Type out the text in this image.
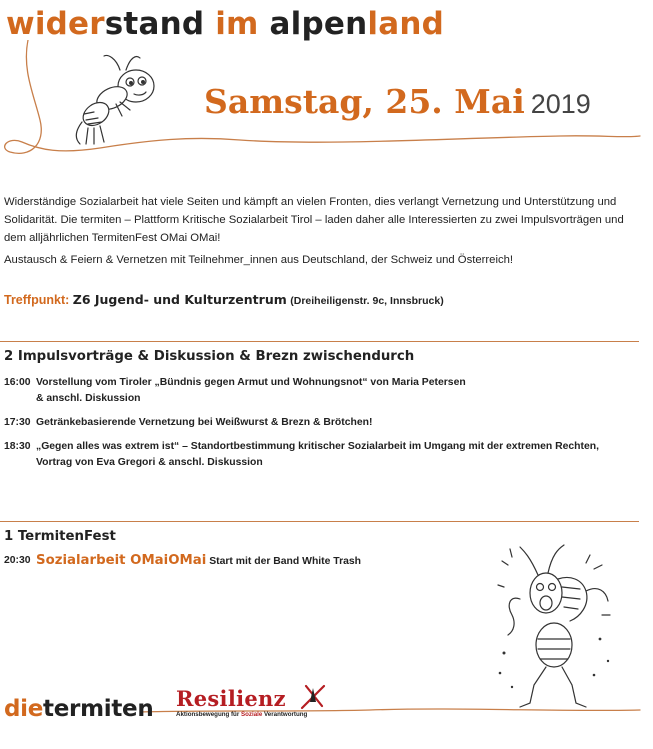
widerstand im alpenland
Samstag, 25. Mai 2019
Widerständige Sozialarbeit hat viele Seiten und kämpft an vielen Fronten, dies verlangt Vernetzung und Unterstützung und Solidarität. Die termiten – Plattform Kritische Sozialarbeit Tirol – laden daher alle Interessierten zu zwei Impulsvorträgen und dem alljährlichen TermitenFest OMai OMai!
Austausch & Feiern & Vernetzen mit Teilnehmer_innen aus Deutschland, der Schweiz und Österreich!
Treffpunkt: Z6 Jugend- und Kulturzentrum (Dreiheiligenstr. 9c, Innsbruck)
2 Impulsvorträge & Diskussion & Brezn zwischendurch
16:00 Vorstellung vom Tiroler „Bündnis gegen Armut und Wohnungsnot“ von Maria Petersen
& anschl. Diskussion
17:30 Getränkebasierende Vernetzung bei Weißwurst & Brezn & Brötchen!
18:30 „Gegen alles was extrem ist“ – Standortbestimmung kritischer Sozialarbeit im Umgang mit der extremen Rechten,
Vortrag von Eva Gregori & anschl. Diskussion
1 TermitenFest
20:30 Sozialarbeit OMaiOMai Start mit der Band White Trash
dietermiten Resilienz
Aktionsbewegung für Soziale Verantwortung
